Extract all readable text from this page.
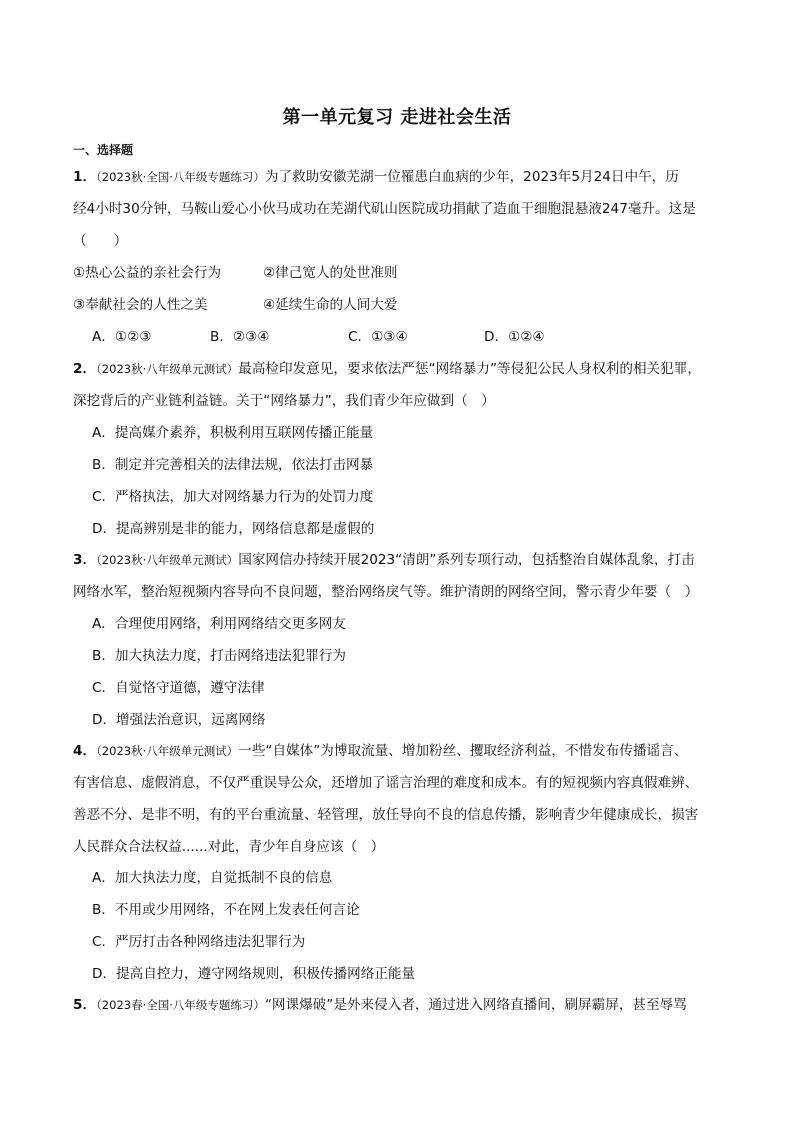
第一单元复习 走进社会生活
一、选择题
1．（2023秋·全国·八年级专题练习）为了救助安徽芜湖一位罹患白血病的少年，2023年5月24日中午，历
经4小时30分钟，马鞍山爱心小伙马成功在芜湖代矶山医院成功捐献了造血干细胞混悬液247毫升。这是
（　　）
①热心公益的亲社会行为	②律己宽人的处世准则
③奉献社会的人性之美	④延续生命的人间大爱
A．①②③	B．②③④	C．①③④	D．①②④
2．（2023秋·八年级单元测试）最高检印发意见，要求依法严惩“网络暴力”等侵犯公民人身权利的相关犯罪，
深挖背后的产业链利益链。关于“网络暴力”，我们青少年应做到（　）
A．提高媒介素养，积极利用互联网传播正能量
B．制定并完善相关的法律法规，依法打击网暴
C．严格执法，加大对网络暴力行为的处罚力度
D．提高辨别是非的能力，网络信息都是虚假的
3．（2023秋·八年级单元测试）国家网信办持续开展2023“清朗”系列专项行动，包括整治自媒体乱象，打击
网络水军，整治短视频内容导向不良问题，整治网络戾气等。维护清朗的网络空间，警示青少年要（　）
A．合理使用网络，利用网络结交更多网友
B．加大执法力度，打击网络违法犯罪行为
C．自觉恪守道德，遵守法律
D．增强法治意识，远离网络
4．（2023秋·八年级单元测试）一些“自媒体”为博取流量、增加粉丝、攫取经济利益，不惜发布传播谣言、
有害信息、虚假消息，不仅严重误导公众，还增加了谣言治理的难度和成本。有的短视频内容真假难辨、
善恶不分、是非不明，有的平台重流量、轻管理，放任导向不良的信息传播，影响青少年健康成长，损害
人民群众合法权益......对此，青少年自身应该（　）
A．加大执法力度，自觉抵制不良的信息
B．不用或少用网络，不在网上发表任何言论
C．严厉打击各种网络违法犯罪行为
D．提高自控力，遵守网络规则，积极传播网络正能量
5．（2023春·全国·八年级专题练习）“网课爆破”是外来侵入者，通过进入网络直播间，刷屏霸屏，甚至辱骂
